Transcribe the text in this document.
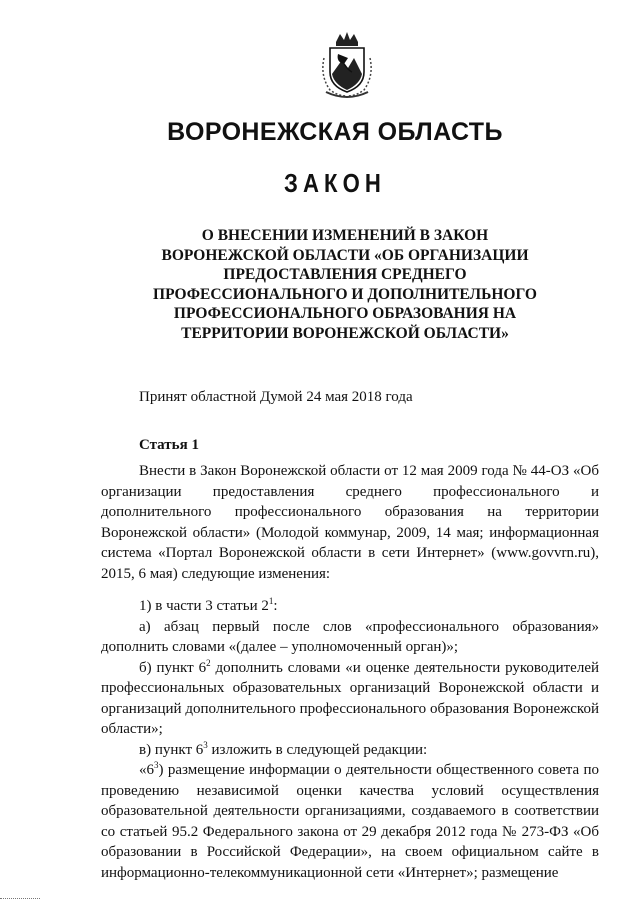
ВОРОНЕЖСКАЯ ОБЛАСТЬ
ЗАКОН
О ВНЕСЕНИИ ИЗМЕНЕНИЙ В ЗАКОН ВОРОНЕЖСКОЙ ОБЛАСТИ «ОБ ОРГАНИЗАЦИИ ПРЕДОСТАВЛЕНИЯ СРЕДНЕГО ПРОФЕССИОНАЛЬНОГО И ДОПОЛНИТЕЛЬНОГО ПРОФЕССИОНАЛЬНОГО ОБРАЗОВАНИЯ НА ТЕРРИТОРИИ ВОРОНЕЖСКОЙ ОБЛАСТИ»
Принят областной Думой 24 мая 2018 года
Статья 1

Внести в Закон Воронежской области от 12 мая 2009 года № 44-ОЗ «Об организации предоставления среднего профессионального и дополнительного профессионального образования на территории Воронежской области» (Молодой коммунар, 2009, 14 мая; информационная система «Портал Воронежской области в сети Интернет» (www.govvrn.ru), 2015, 6 мая) следующие изменения:

1) в части 3 статьи $2^1$:

а) абзац первый после слов «профессионального образования» дополнить словами «(далее – уполномоченный орган)»;

б) пункт $6^2$ дополнить словами «и оценке деятельности руководителей профессиональных образовательных организаций Воронежской области и организаций дополнительного профессионального образования Воронежской области»;

в) пункт $6^3$ изложить в следующей редакции:

«$6^3$) размещение информации о деятельности общественного совета по проведению независимой оценки качества условий осуществления образовательной деятельности организациями, создаваемого в соответствии со статьей 95.2 Федерального закона от 29 декабря 2012 года № 273-ФЗ «Об образовании в Российской Федерации», на своем официальном сайте в информационно-телекоммуникационной сети «Интернет»; размещение
